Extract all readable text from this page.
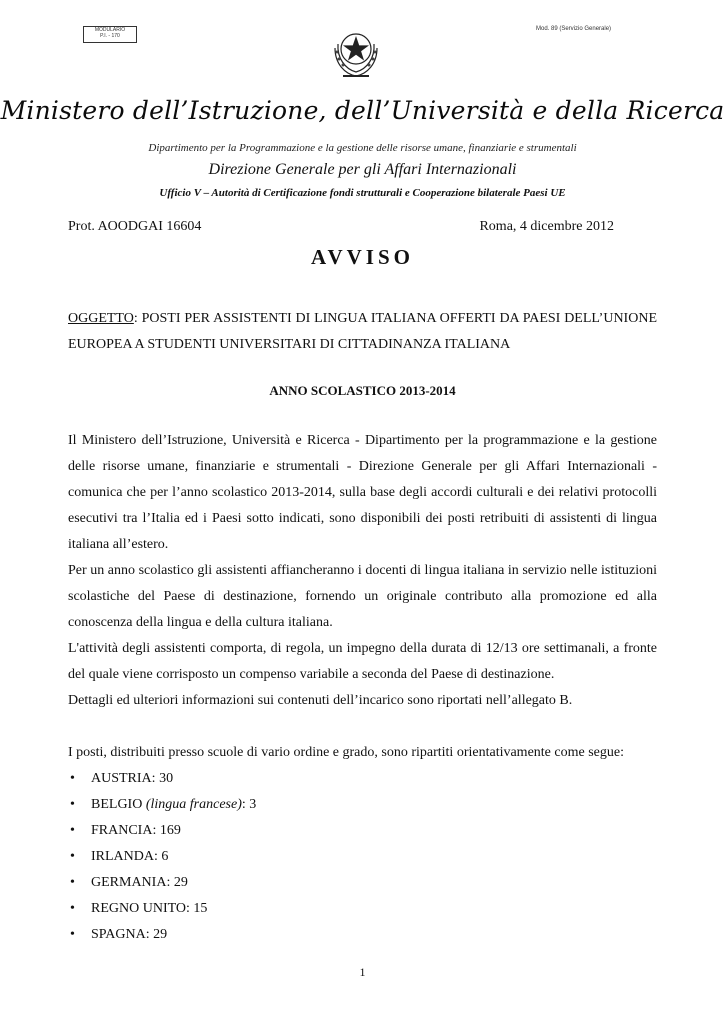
MODULARIO
P.I. - 170
Mod. 89 (Servizio Generale)
Ministero dell’Istruzione, dell’Università e della Ricerca
Dipartimento per la Programmazione e la gestione delle risorse umane, finanziarie e strumentali
Direzione Generale per gli Affari Internazionali
Ufficio V – Autorità di Certificazione fondi strutturali e Cooperazione bilaterale Paesi UE
Prot. AOODGAI 16604	Roma, 4 dicembre 2012
AVVISO
OGGETTO: POSTI PER ASSISTENTI DI LINGUA ITALIANA OFFERTI DA PAESI DELL’UNIONE EUROPEA A STUDENTI UNIVERSITARI DI CITTADINANZA ITALIANA
ANNO SCOLASTICO 2013-2014

Il Ministero dell’Istruzione, Università e Ricerca - Dipartimento per la programmazione e la gestione delle risorse umane, finanziarie e strumentali - Direzione Generale per gli Affari Internazionali - comunica che per l’anno scolastico 2013-2014, sulla base degli accordi culturali e dei relativi protocolli esecutivi tra l’Italia ed i Paesi sotto indicati, sono disponibili dei posti retribuiti di assistenti di lingua italiana all’estero.

Per un anno scolastico gli assistenti affiancheranno i docenti di lingua italiana in servizio nelle istituzioni scolastiche del Paese di destinazione, fornendo un originale contributo alla promozione ed alla conoscenza della lingua e della cultura italiana.

L'attività degli assistenti comporta, di regola, un impegno della durata di 12/13 ore settimanali, a fronte del quale viene corrisposto un compenso variabile a seconda del Paese di destinazione.

Dettagli ed ulteriori informazioni sui contenuti dell’incarico sono riportati nell’allegato B.

I posti, distribuiti presso scuole di vario ordine e grado, sono ripartiti orientativamente come segue:

• AUSTRIA: 30
• BELGIO (lingua francese): 3
• FRANCIA: 169
• IRLANDA: 6
• GERMANIA: 29
• REGNO UNITO: 15
• SPAGNA: 29
1
